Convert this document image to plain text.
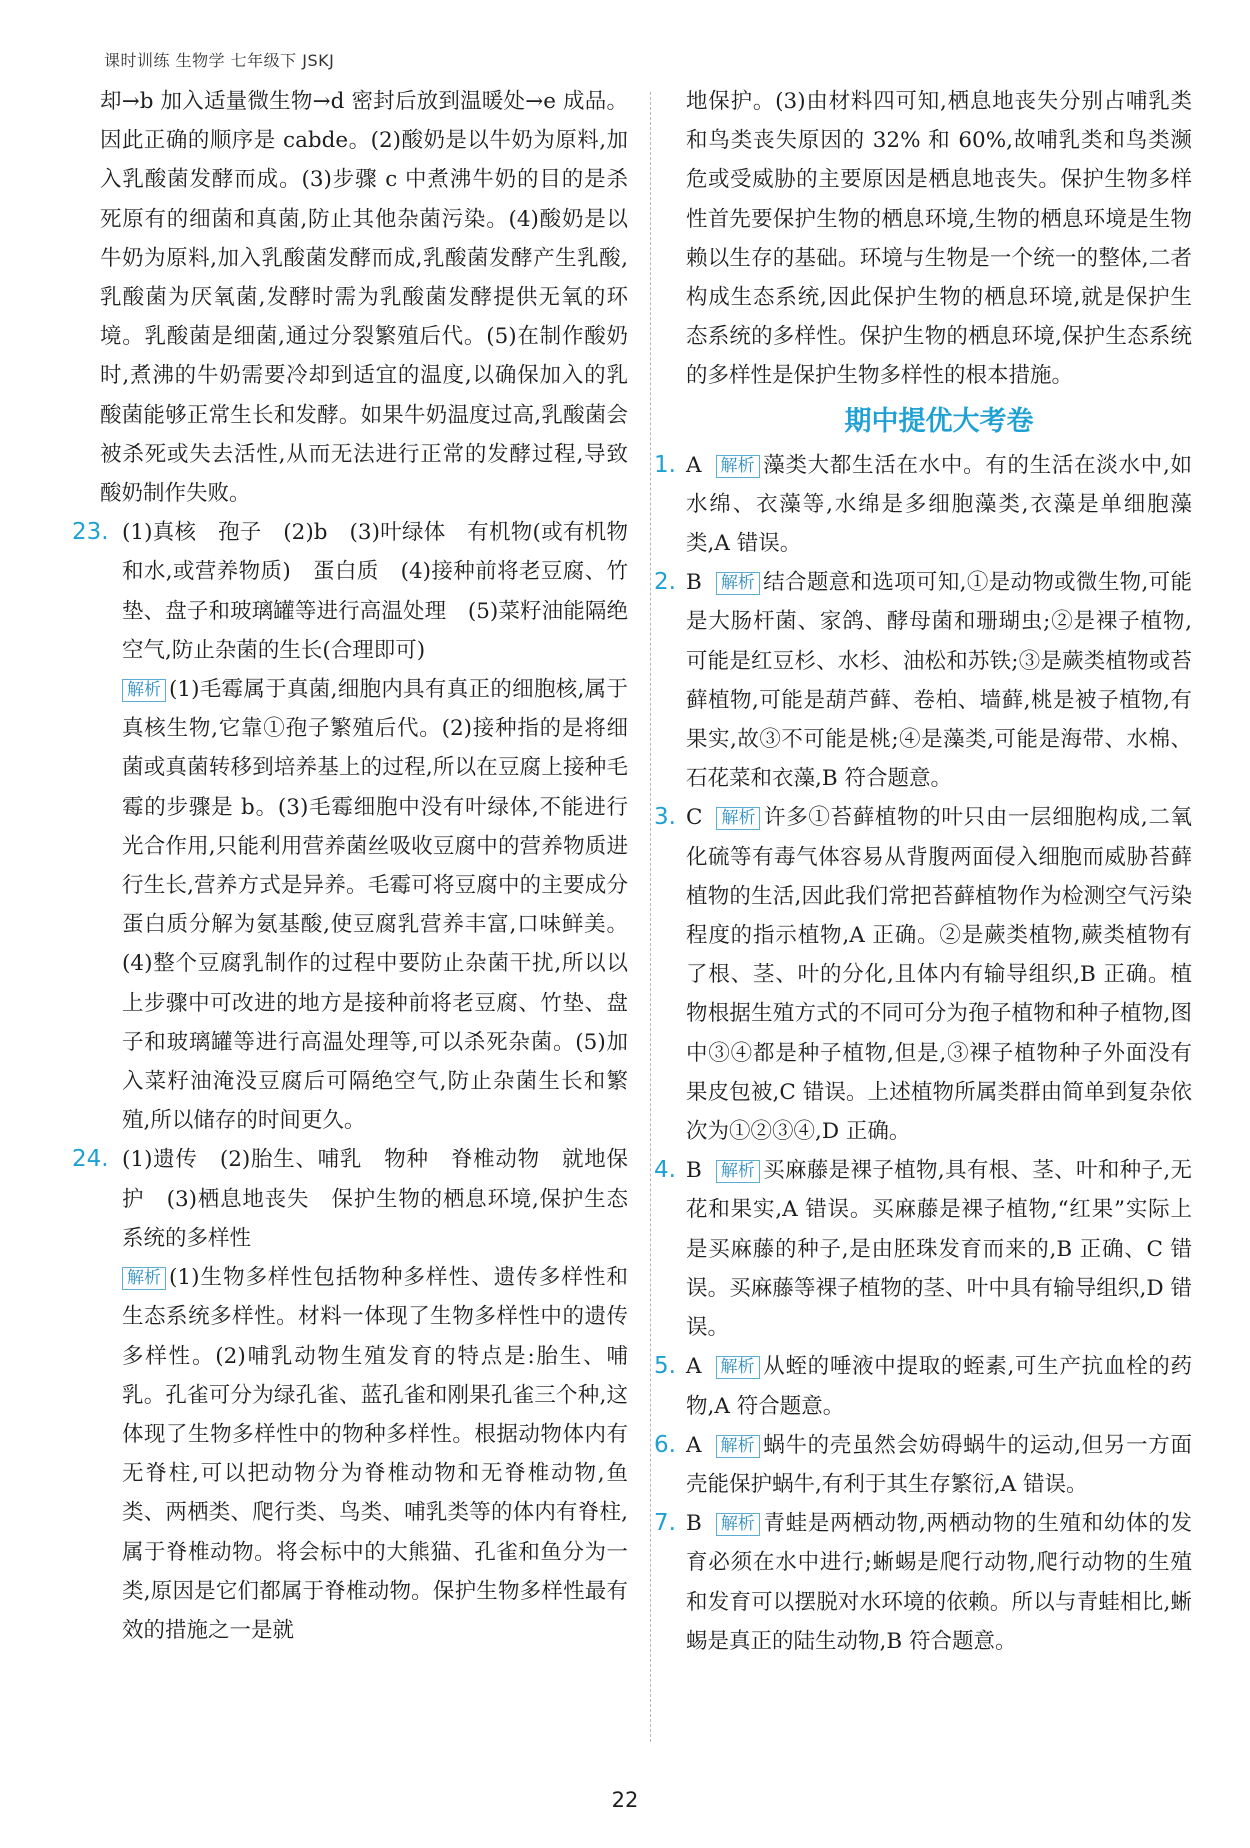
课时训练 生物学 七年级下 JSKJ

却→b 加入适量微生物→d 密封后放到温暖处→e 成品。因此正确的顺序是 cabde。(2)酸奶是以牛奶为原料,加入乳酸菌发酵而成。(3)步骤 c 中煮沸牛奶的目的是杀死原有的细菌和真菌,防止其他杂菌污染。(4)酸奶是以牛奶为原料,加入乳酸菌发酵而成,乳酸菌发酵产生乳酸,乳酸菌为厌氧菌,发酵时需为乳酸菌发酵提供无氧的环境。乳酸菌是细菌,通过分裂繁殖后代。(5)在制作酸奶时,煮沸的牛奶需要冷却到适宜的温度,以确保加入的乳酸菌能够正常生长和发酵。如果牛奶温度过高,乳酸菌会被杀死或失去活性,从而无法进行正常的发酵过程,导致酸奶制作失败。

23. (1)真核　孢子　(2)b　(3)叶绿体　有机物(或有机物和水,或营养物质)　蛋白质　(4)接种前将老豆腐、竹垫、盘子和玻璃罐等进行高温处理　(5)菜籽油能隔绝空气,防止杂菌的生长(合理即可)
解析 (1)毛霉属于真菌,细胞内具有真正的细胞核,属于真核生物,它靠①孢子繁殖后代。(2)接种指的是将细菌或真菌转移到培养基上的过程,所以在豆腐上接种毛霉的步骤是 b。(3)毛霉细胞中没有叶绿体,不能进行光合作用,只能利用营养菌丝吸收豆腐中的营养物质进行生长,营养方式是异养。毛霉可将豆腐中的主要成分蛋白质分解为氨基酸,使豆腐乳营养丰富,口味鲜美。(4)整个豆腐乳制作的过程中要防止杂菌干扰,所以以上步骤中可改进的地方是接种前将老豆腐、竹垫、盘子和玻璃罐等进行高温处理等,可以杀死杂菌。(5)加入菜籽油淹没豆腐后可隔绝空气,防止杂菌生长和繁殖,所以储存的时间更久。
24. (1)遗传　(2)胎生、哺乳　物种　脊椎动物　就地保护　(3)栖息地丧失　保护生物的栖息环境,保护生态系统的多样性
解析 (1)生物多样性包括物种多样性、遗传多样性和生态系统多样性。材料一体现了生物多样性中的遗传多样性。(2)哺乳动物生殖发育的特点是:胎生、哺乳。孔雀可分为绿孔雀、蓝孔雀和刚果孔雀三个种,这体现了生物多样性中的物种多样性。根据动物体内有无脊柱,可以把动物分为脊椎动物和无脊椎动物,鱼类、两栖类、爬行类、鸟类、哺乳类等的体内有脊柱,属于脊椎动物。将会标中的大熊猫、孔雀和鱼分为一类,原因是它们都属于脊椎动物。保护生物多样性最有效的措施之一是就

地保护。(3)由材料四可知,栖息地丧失分别占哺乳类和鸟类丧失原因的 32% 和 60%,故哺乳类和鸟类濒危或受威胁的主要原因是栖息地丧失。保护生物多样性首先要保护生物的栖息环境,生物的栖息环境是生物赖以生存的基础。环境与生物是一个统一的整体,二者构成生态系统,因此保护生物的栖息环境,就是保护生态系统的多样性。保护生物的栖息环境,保护生态系统的多样性是保护生物多样性的根本措施。

期中提优大考卷
1. A 解析 藻类大都生活在水中。有的生活在淡水中,如水绵、衣藻等,水绵是多细胞藻类,衣藻是单细胞藻类,A 错误。
2. B 解析 结合题意和选项可知,①是动物或微生物,可能是大肠杆菌、家鸽、酵母菌和珊瑚虫;②是裸子植物,可能是红豆杉、水杉、油松和苏铁;③是蕨类植物或苔藓植物,可能是葫芦藓、卷柏、墙藓,桃是被子植物,有果实,故③不可能是桃;④是藻类,可能是海带、水棉、石花菜和衣藻,B 符合题意。
3. C 解析 许多①苔藓植物的叶只由一层细胞构成,二氧化硫等有毒气体容易从背腹两面侵入细胞而威胁苔藓植物的生活,因此我们常把苔藓植物作为检测空气污染程度的指示植物,A 正确。②是蕨类植物,蕨类植物有了根、茎、叶的分化,且体内有输导组织,B 正确。植物根据生殖方式的不同可分为孢子植物和种子植物,图中③④都是种子植物,但是,③裸子植物种子外面没有果皮包被,C 错误。上述植物所属类群由简单到复杂依次为①②③④,D 正确。
4. B 解析 买麻藤是裸子植物,具有根、茎、叶和种子,无花和果实,A 错误。买麻藤是裸子植物,“红果”实际上是买麻藤的种子,是由胚珠发育而来的,B 正确、C 错误。买麻藤等裸子植物的茎、叶中具有输导组织,D 错误。
5. A 解析 从蛭的唾液中提取的蛭素,可生产抗血栓的药物,A 符合题意。
6. A 解析 蜗牛的壳虽然会妨碍蜗牛的运动,但另一方面壳能保护蜗牛,有利于其生存繁衍,A 错误。
7. B 解析 青蛙是两栖动物,两栖动物的生殖和幼体的发育必须在水中进行;蜥蜴是爬行动物,爬行动物的生殖和发育可以摆脱对水环境的依赖。所以与青蛙相比,蜥蜴是真正的陆生动物,B 符合题意。
22
